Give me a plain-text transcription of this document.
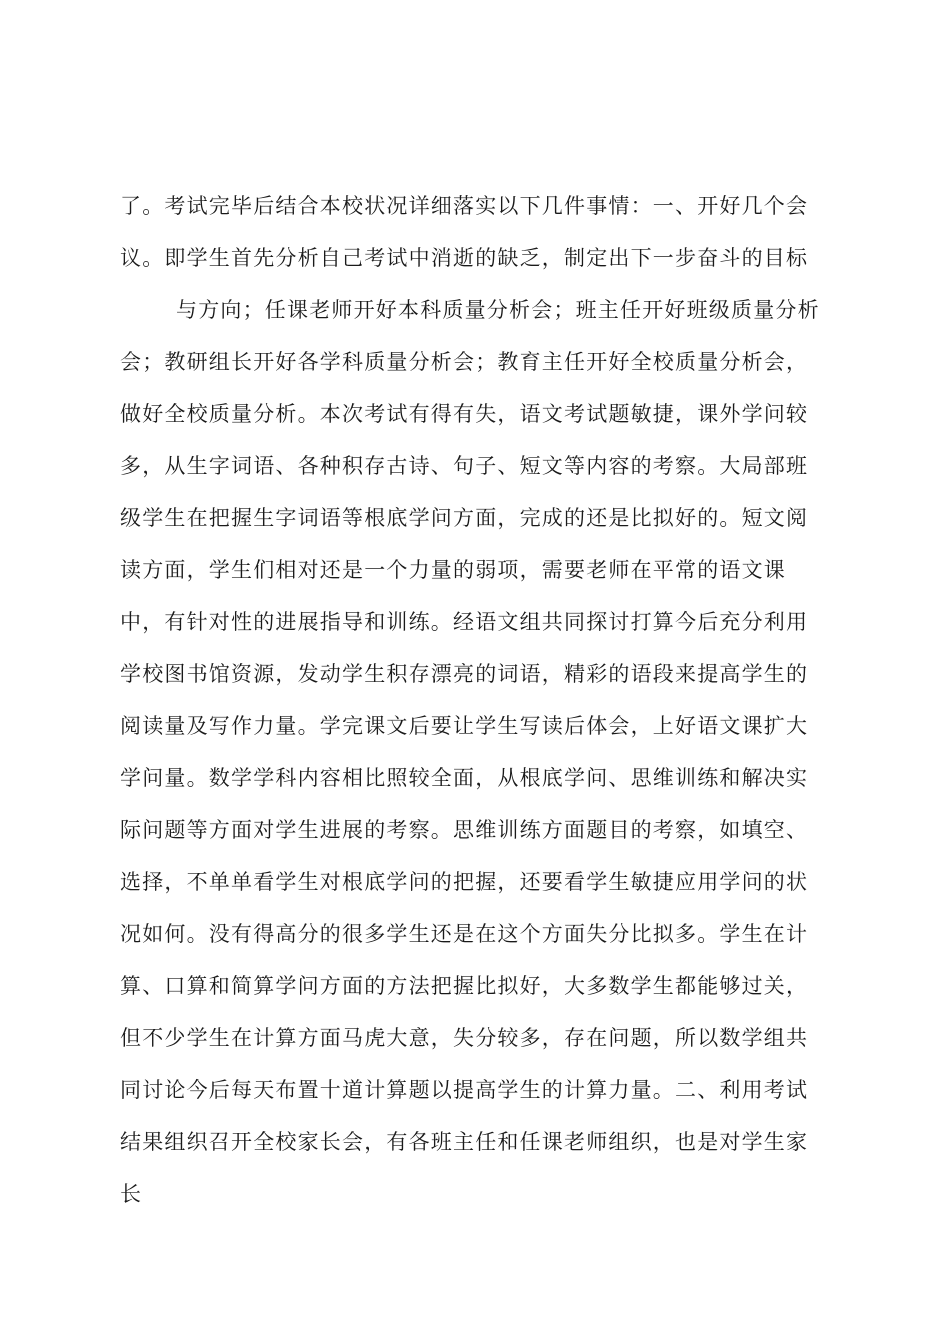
了。考试完毕后结合本校状况详细落实以下几件事情：一、开好几个会
议。即学生首先分析自己考试中消逝的缺乏，制定出下一步奋斗的目标
与方向；任课老师开好本科质量分析会；班主任开好班级质量分析
会；教研组长开好各学科质量分析会；教育主任开好全校质量分析会，
做好全校质量分析。本次考试有得有失，语文考试题敏捷，课外学问较
多，从生字词语、各种积存古诗、句子、短文等内容的考察。大局部班
级学生在把握生字词语等根底学问方面，完成的还是比拟好的。短文阅
读方面，学生们相对还是一个力量的弱项，需要老师在平常的语文课
中，有针对性的进展指导和训练。经语文组共同探讨打算今后充分利用
学校图书馆资源，发动学生积存漂亮的词语，精彩的语段来提高学生的
阅读量及写作力量。学完课文后要让学生写读后体会，上好语文课扩大
学问量。数学学科内容相比照较全面，从根底学问、思维训练和解决实
际问题等方面对学生进展的考察。思维训练方面题目的考察，如填空、
选择，不单单看学生对根底学问的把握，还要看学生敏捷应用学问的状
况如何。没有得高分的很多学生还是在这个方面失分比拟多。学生在计
算、口算和简算学问方面的方法把握比拟好，大多数学生都能够过关，
但不少学生在计算方面马虎大意，失分较多，存在问题，所以数学组共
同讨论今后每天布置十道计算题以提高学生的计算力量。二、利用考试
结果组织召开全校家长会，有各班主任和任课老师组织，也是对学生家
长
